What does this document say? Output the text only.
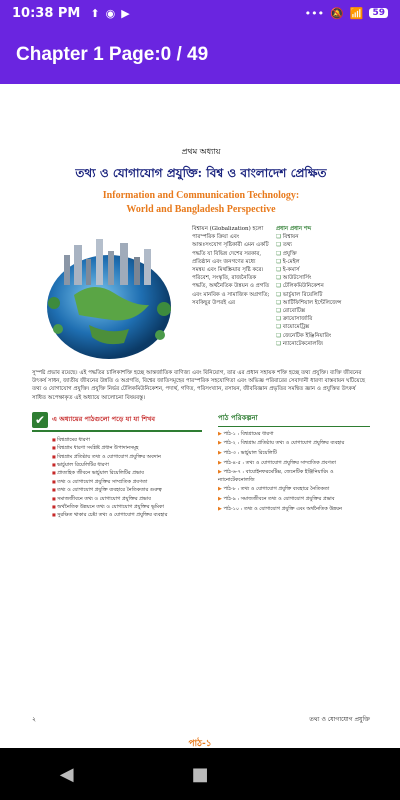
10:38 PM ⬆ ◉ ▶	••• 🔕 📶	59
Chapter 1 Page:0 / 49
প্রথম অধ্যায়
তথ্য ও যোগাযোগ প্রযুক্তি: বিশ্ব ও বাংলাদেশ প্রেক্ষিত
Information and Communication Technology:
World and Bangladesh Perspective
বিশ্বায়ন (Globalization) হলো পারস্পরিক ক্রিয়া এবং আন্তঃসংযোগ সৃষ্টিকারী এমন একটি পদ্ধতি যা বিভিন্ন দেশের সরকার, প্রতিষ্ঠান এবং জনগণের মধ্যে সমন্বয় এবং মিথস্ক্রিয়ার সৃষ্টি করে। পরিবেশ, সংস্কৃতি, রাজনৈতিক পদ্ধতি, অর্থনৈতিক উন্নয়ন ও প্রগতি এবং মানবিক ও সামাজিক অগ্রগতি; সবকিছুর উপরই এর
প্রধান প্রধান শব্দ
❏ বিশ্বায়ন
❏ তথ্য
❏ প্রযুক্তি
❏ ই-মেইল
❏ ই-কমার্স
❏ আউটসোর্সিং
❏ টেলিকমিউনিকেশন
❏ ভার্চুয়াল রিয়েলিটি
❏ আর্টিফিশিয়াল ইন্টেলিজেন্স
❏ রোবোটিক্স
❏ ক্রায়োসার্জারি
❏ বায়োমেট্রিক্স
❏ জেনেটিক ইঞ্জিনিয়ারিং
❏ ন্যানোটেকনোলজি
সুস্পষ্ট প্রভাব রয়েছে। এই পদ্ধতির চালিকাশক্তি হচ্ছে আন্তর্জাতিক বাণিজ্য এবং বিনিয়োগ, তার এর প্রধান সহায়ক শক্তি হচ্ছে তথ্য প্রযুক্তি। ব্যক্তি জীবনের উৎকর্ষ সাধন, জাতীয় জীবনের উন্নতি ও অগ্রগতি, বিশ্বের জাতিসমূহের পারস্পরিক সহযোগিতা এবং অভিজ্ঞ পরিবারের সেবাদানী ধারণা বাস্তবায়ন ঘটিয়েছে তথ্য ও যোগাযোগ প্রযুক্তি। প্রযুক্তি নির্ভর টেলিকমিউনিকেশন, পদার্থ, গণিত, পরিসংখ্যান, রসায়ন, জীববিজ্ঞান প্রভৃতির সমন্বিত জ্ঞান ও প্রযুক্তির উৎকর্ষ সাধিত অপেক্ষাকৃত এই অধ্যায়ে আলোচনা বিষয়বস্তু।
✔	এ অধ্যায়ের পাঠগুলো পড়ে যা যা শিখব
■ বিশ্বগ্রামের ধারণা
■ বিশ্বগ্রাম ধারণা সংশ্লিষ্ট প্রধান উপাদানসমূহ
■ বিশ্বগ্রাম প্রতিষ্ঠায় তথ্য ও যোগাযোগ প্রযুক্তির অবদান
■ ভার্চুয়াল রিয়েলিটির ধারণা
■ প্রাত্যহিক জীবনে ভার্চুয়াল রিয়েলিটির প্রভাব
■ তথ্য ও যোগাযোগ প্রযুক্তির সাম্প্রতিক প্রবণতা
■ তথ্য ও যোগাযোগ প্রযুক্তি ব্যবহারে নৈতিকতার গুরুত্ব
■ সমাজজীবনে তথ্য ও যোগাযোগ প্রযুক্তির প্রভাব
■ অর্থনৈতিক উন্নয়নে তথ্য ও যোগাযোগ প্রযুক্তির ভূমিকা
■ সুরক্ষিত থাকার চেষ্টা তথ্য ও যোগাযোগ প্রযুক্তির ব্যবহার
পাঠ পরিকল্পনা
▶ পাঠ-১ : বিশ্বগ্রামের ধারণা
▶ পাঠ-২ : বিশ্বগ্রাম প্রতিষ্ঠায় তথ্য ও যোগাযোগ প্রযুক্তির ব্যবহার
▶ পাঠ-৩ : ভার্চুয়াল রিয়েলিটি
▶ পাঠ-৪-৫ : তথ্য ও যোগাযোগ প্রযুক্তির সাম্প্রতিক প্রবণতা
▶ পাঠ-৬-৭ : বায়োইনফরমেটিক্স, জেনেটিক ইঞ্জিনিয়ারিং ও ন্যানোটেকনোলজি
▶ পাঠ-৮ : তথ্য ও যোগাযোগ প্রযুক্তি ব্যবহারে নৈতিকতা
▶ পাঠ-৯ : সমাজজীবনে তথ্য ও যোগাযোগ প্রযুক্তির প্রভাব
▶ পাঠ-১০ : তথ্য ও যোগাযোগ প্রযুক্তি এবং অর্থনৈতিক উন্নয়ন
২	তথ্য ও যোগাযোগ প্রযুক্তি
পাঠ-১
◀	■
